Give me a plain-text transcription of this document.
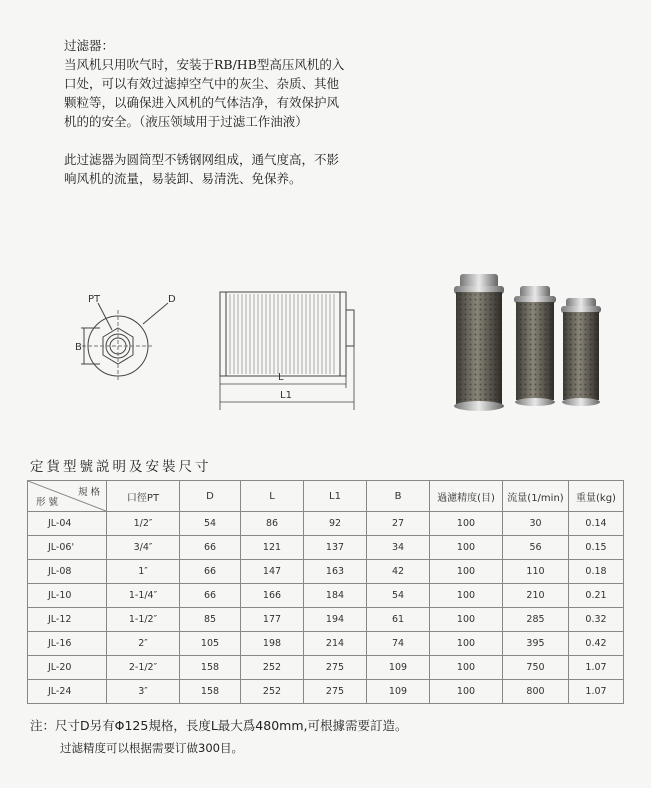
过滤器：

当风机只用吹气时，安装于RB/HB型高压风机的入

口处，可以有效过滤掉空气中的灰尘、杂质、其他

颗粒等，以确保进入风机的气体洁净，有效保护风

机的的安全。（液压领域用于过滤工作油液）

此过滤器为圆筒型不锈钢网组成，通气度高，不影

响风机的流量，易装卸、易清洗、免保养。

PT	D
B
L
L1
定貨型號説明及安裝尺寸
規 格
形 號	口徑PT	D	L	L1	B	過濾精度(目)	流量(1/min)	重量(kg)
JL-04	1/2″	54	86	92	27	100	30	0.14
JL-06'	3/4″	66	121	137	34	100	56	0.15
JL-08	1″	66	147	163	42	100	110	0.18
JL-10	1-1/4″	66	166	184	54	100	210	0.21
JL-12	1-1/2″	85	177	194	61	100	285	0.32
JL-16	2″	105	198	214	74	100	395	0.42
JL-20	2-1/2″	158	252	275	109	100	750	1.07
JL-24	3″	158	252	275	109	100	800	1.07
注：尺寸D另有Φ125規格，長度L最大爲480mm,可根據需要訂造。
过滤精度可以根据需要订做300目。
